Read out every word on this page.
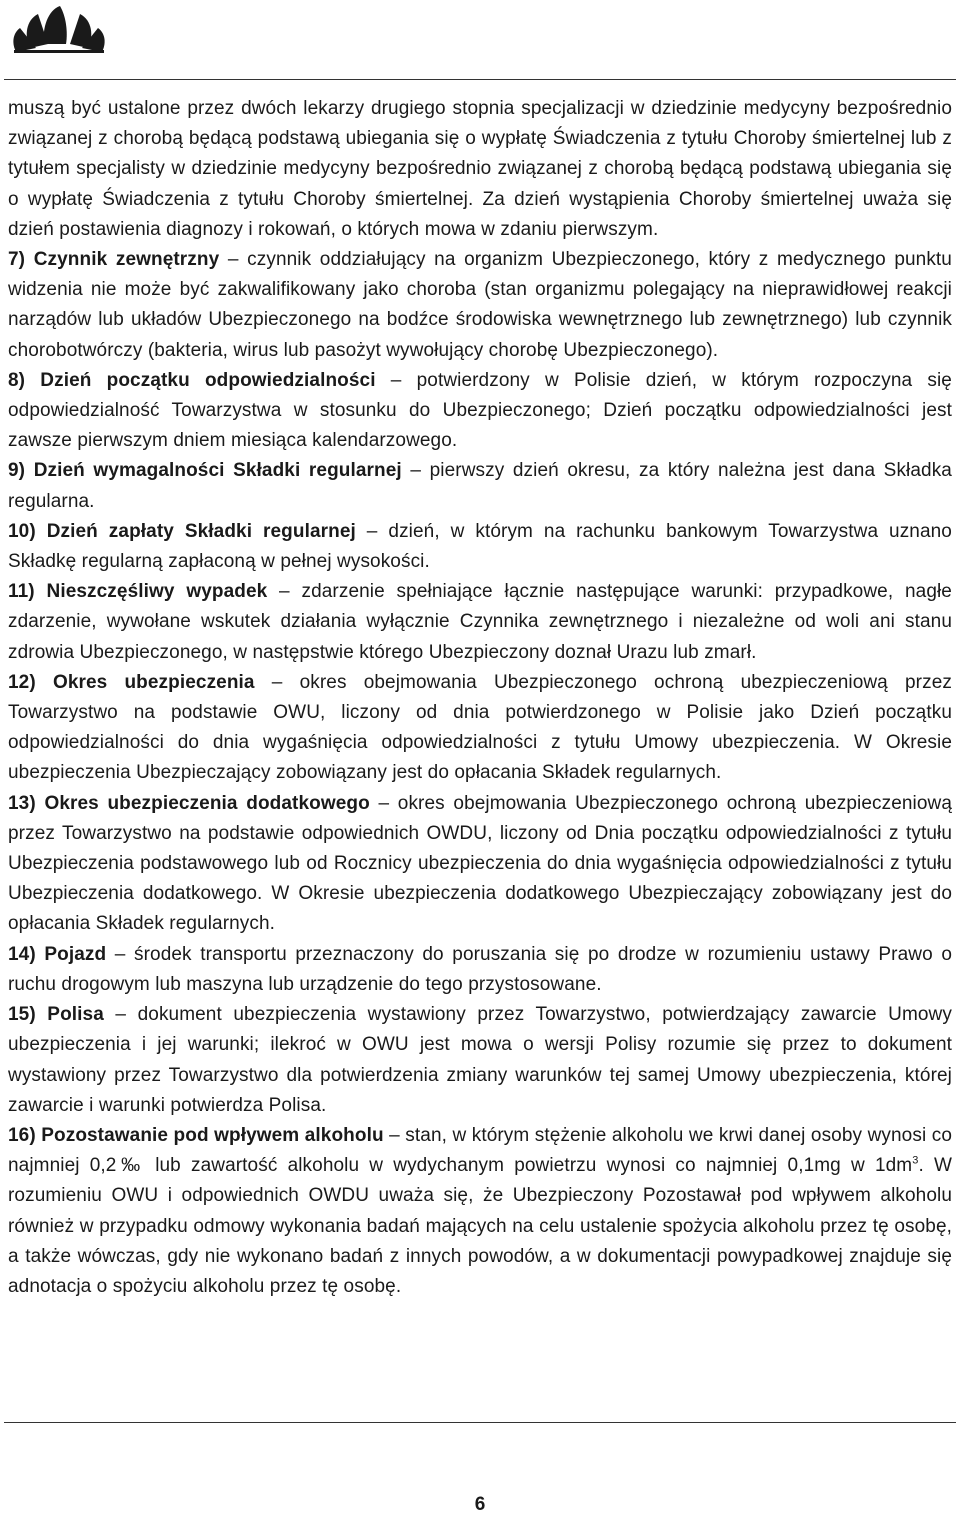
muszą być ustalone przez dwóch lekarzy drugiego stopnia specjalizacji w dziedzinie medycyny bezpośrednio związanej z chorobą będącą podstawą ubiegania się o wypłatę Świadczenia z tytułu Choroby śmiertelnej lub z tytułem specjalisty w dziedzinie medycyny bezpośrednio związanej z chorobą będącą podstawą ubiegania się o wypłatę Świadczenia z tytułu Choroby śmiertelnej. Za dzień wystąpienia Choroby śmiertelnej uważa się dzień postawienia diagnozy i rokowań, o których mowa w zdaniu pierwszym.

7) Czynnik zewnętrzny – czynnik oddziałujący na organizm Ubezpieczonego, który z medycznego punktu widzenia nie może być zakwalifikowany jako choroba (stan organizmu polegający na nieprawidłowej reakcji narządów lub układów Ubezpieczonego na bodźce środowiska wewnętrznego lub zewnętrznego) lub czynnik chorobotwórczy (bakteria, wirus lub pasożyt wywołujący chorobę Ubezpieczonego).

8) Dzień początku odpowiedzialności – potwierdzony w Polisie dzień, w którym rozpoczyna się odpowiedzialność Towarzystwa w stosunku do Ubezpieczonego; Dzień początku odpowiedzialności jest zawsze pierwszym dniem miesiąca kalendarzowego.

9) Dzień wymagalności Składki regularnej – pierwszy dzień okresu, za który należna jest dana Składka regularna.

10) Dzień zapłaty Składki regularnej – dzień, w którym na rachunku bankowym Towarzystwa uznano Składkę regularną zapłaconą w pełnej wysokości.

11) Nieszczęśliwy wypadek – zdarzenie spełniające łącznie następujące warunki: przypadkowe, nagłe zdarzenie, wywołane wskutek działania wyłącznie Czynnika zewnętrznego i niezależne od woli ani stanu zdrowia Ubezpieczonego, w następstwie którego Ubezpieczony doznał Urazu lub zmarł.

12) Okres ubezpieczenia – okres obejmowania Ubezpieczonego ochroną ubezpieczeniową przez Towarzystwo na podstawie OWU, liczony od dnia potwierdzonego w Polisie jako Dzień początku odpowiedzialności do dnia wygaśnięcia odpowiedzialności z tytułu Umowy ubezpieczenia. W Okresie ubezpieczenia Ubezpieczający zobowiązany jest do opłacania Składek regularnych.

13) Okres ubezpieczenia dodatkowego – okres obejmowania Ubezpieczonego ochroną ubezpieczeniową przez Towarzystwo na podstawie odpowiednich OWDU, liczony od Dnia początku odpowiedzialności z tytułu Ubezpieczenia podstawowego lub od Rocznicy ubezpieczenia do dnia wygaśnięcia odpowiedzialności z tytułu Ubezpieczenia dodatkowego. W Okresie ubezpieczenia dodatkowego Ubezpieczający zobowiązany jest do opłacania Składek regularnych.

14) Pojazd – środek transportu przeznaczony do poruszania się po drodze w rozumieniu ustawy Prawo o ruchu drogowym lub maszyna lub urządzenie do tego przystosowane.

15) Polisa – dokument ubezpieczenia wystawiony przez Towarzystwo, potwierdzający zawarcie Umowy ubezpieczenia i jej warunki; ilekroć w OWU jest mowa o wersji Polisy rozumie się przez to dokument wystawiony przez Towarzystwo dla potwierdzenia zmiany warunków tej samej Umowy ubezpieczenia, której zawarcie i warunki potwierdza Polisa.

16) Pozostawanie pod wpływem alkoholu – stan, w którym stężenie alkoholu we krwi danej osoby wynosi co najmniej 0,2‰ lub zawartość alkoholu w wydychanym powietrzu wynosi co najmniej 0,1mg w $1dm^3$. W rozumieniu OWU i odpowiednich OWDU uważa się, że Ubezpieczony Pozostawał pod wpływem alkoholu również w przypadku odmowy wykonania badań mających na celu ustalenie spożycia alkoholu przez tę osobę, a także wówczas, gdy nie wykonano badań z innych powodów, a w dokumentacji powypadkowej znajduje się adnotacja o spożyciu alkoholu przez tę osobę.

6
